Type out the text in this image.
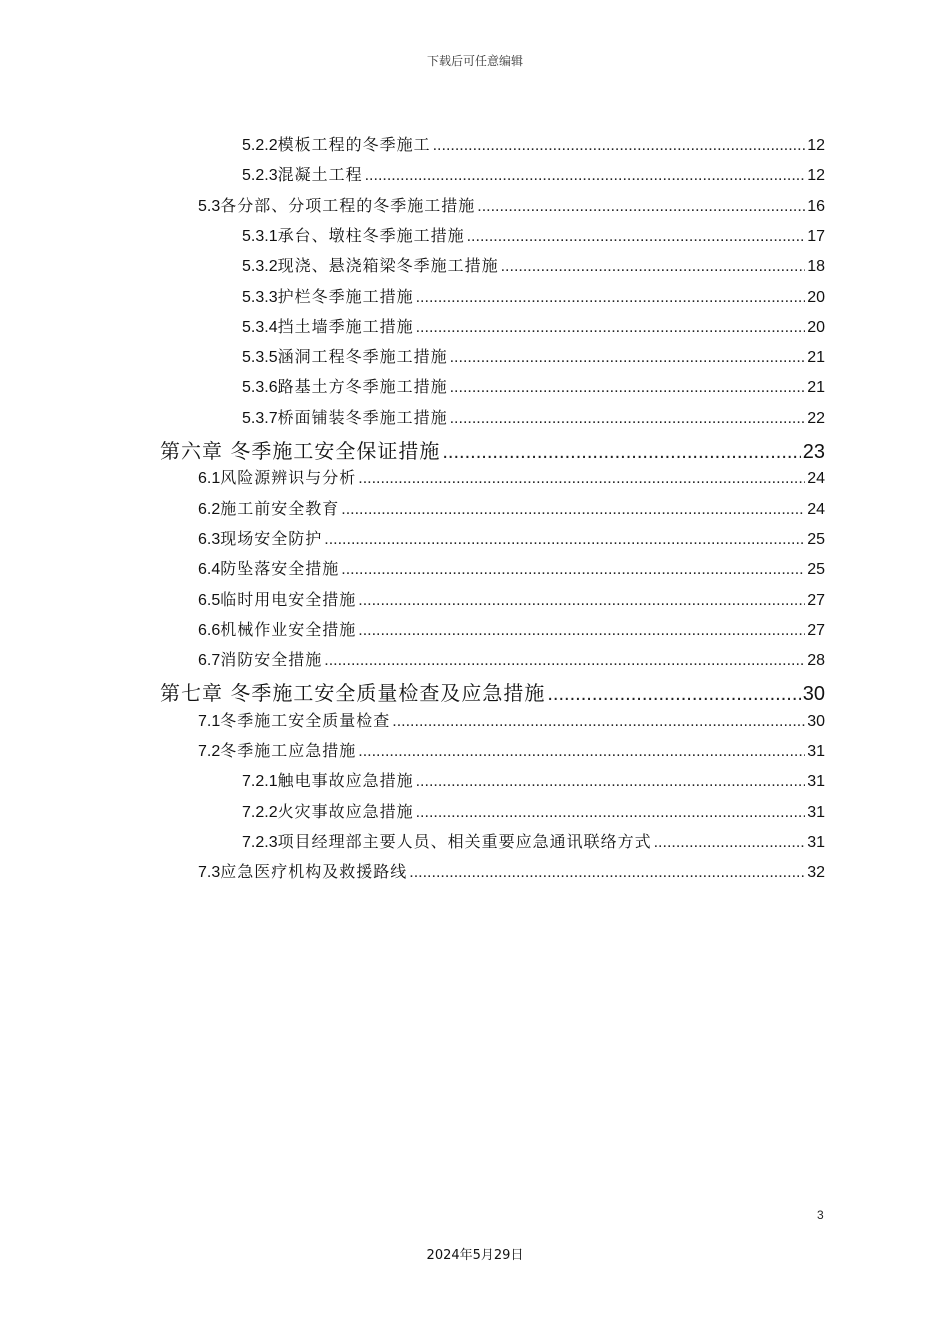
下载后可任意编辑
5.2.2 模板工程的冬季施工 .....	12
5.2.3 混凝土工程 .....	12
5.3 各分部、分项工程的冬季施工措施 .....	16
5.3.1 承台、墩柱冬季施工措施 .....	17
5.3.2 现浇、悬浇箱梁冬季施工措施 .....	18
5.3.3 护栏冬季施工措施 .....	20
5.3.4 挡土墙季施工措施 .....	20
5.3.5 涵洞工程冬季施工措施 .....	21
5.3.6 路基土方冬季施工措施 .....	21
5.3.7 桥面铺装冬季施工措施 .....	22
第六章 冬季施工安全保证措施 .....	23
6.1 风险源辨识与分析 .....	24
6.2 施工前安全教育 .....	24
6.3 现场安全防护 .....	25
6.4 防坠落安全措施 .....	25
6.5 临时用电安全措施 .....	27
6.6 机械作业安全措施 .....	27
6.7 消防安全措施 .....	28
第七章 冬季施工安全质量检查及应急措施 .....	30
7.1 冬季施工安全质量检查 .....	30
7.2 冬季施工应急措施 .....	31
7.2.1 触电事故应急措施 .....	31
7.2.2 火灾事故应急措施 .....	31
7.2.3 项目经理部主要人员、相关重要应急通讯联络方式 .....	31
7.3 应急医疗机构及救援路线 .....	32
3
2024年5月29日
